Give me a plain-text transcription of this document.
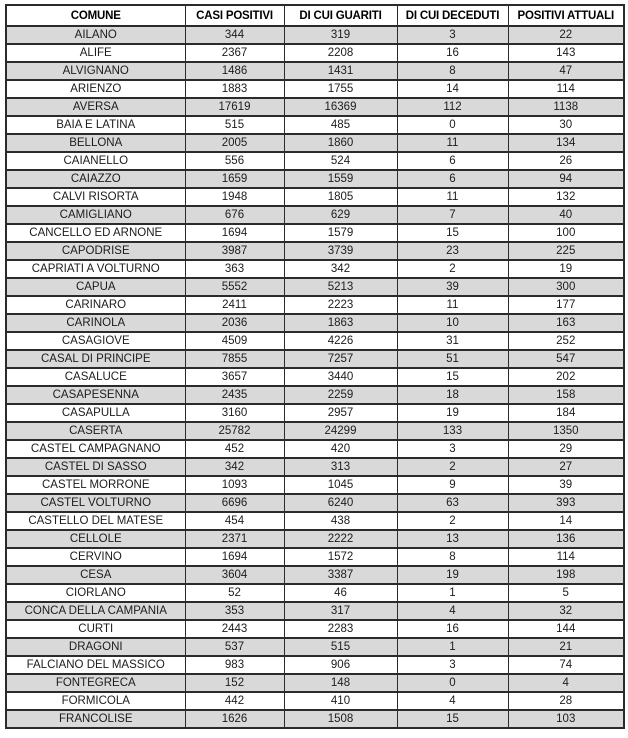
COMUNE	CASI POSITIVI	DI CUI GUARITI	DI CUI DECEDUTI	POSITIVI ATTUALI
AILANO	344	319	3	22
ALIFE	2367	2208	16	143
ALVIGNANO	1486	1431	8	47
ARIENZO	1883	1755	14	114
AVERSA	17619	16369	112	1138
BAIA E LATINA	515	485	0	30
BELLONA	2005	1860	11	134
CAIANELLO	556	524	6	26
CAIAZZO	1659	1559	6	94
CALVI RISORTA	1948	1805	11	132
CAMIGLIANO	676	629	7	40
CANCELLO ED ARNONE	1694	1579	15	100
CAPODRISE	3987	3739	23	225
CAPRIATI A VOLTURNO	363	342	2	19
CAPUA	5552	5213	39	300
CARINARO	2411	2223	11	177
CARINOLA	2036	1863	10	163
CASAGIOVE	4509	4226	31	252
CASAL DI PRINCIPE	7855	7257	51	547
CASALUCE	3657	3440	15	202
CASAPESENNA	2435	2259	18	158
CASAPULLA	3160	2957	19	184
CASERTA	25782	24299	133	1350
CASTEL CAMPAGNANO	452	420	3	29
CASTEL DI SASSO	342	313	2	27
CASTEL MORRONE	1093	1045	9	39
CASTEL VOLTURNO	6696	6240	63	393
CASTELLO DEL MATESE	454	438	2	14
CELLOLE	2371	2222	13	136
CERVINO	1694	1572	8	114
CESA	3604	3387	19	198
CIORLANO	52	46	1	5
CONCA DELLA CAMPANIA	353	317	4	32
CURTI	2443	2283	16	144
DRAGONI	537	515	1	21
FALCIANO DEL MASSICO	983	906	3	74
FONTEGRECA	152	148	0	4
FORMICOLA	442	410	4	28
FRANCOLISE	1626	1508	15	103
